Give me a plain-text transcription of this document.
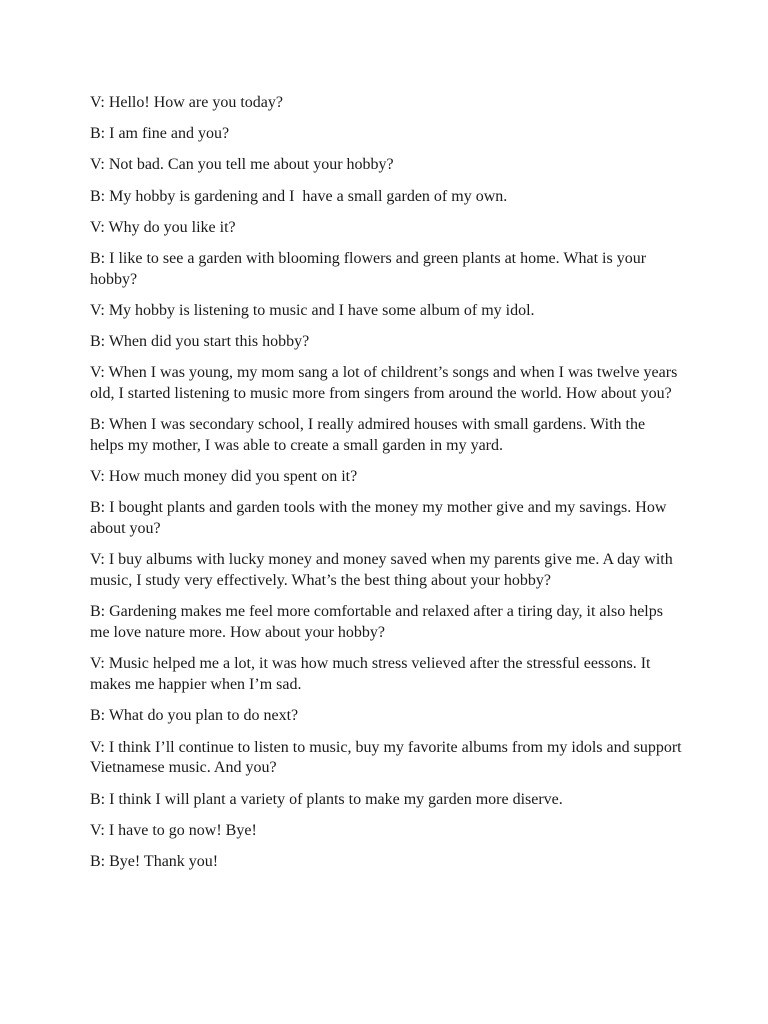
V: Hello! How are you today?

B: I am fine and you?

V: Not bad. Can you tell me about your hobby?

B: My hobby is gardening and I  have a small garden of my own.

V: Why do you like it?

B: I like to see a garden with blooming flowers and green plants at home. What is your hobby?

V: My hobby is listening to music and I have some album of my idol.

B: When did you start this hobby?

V: When I was young, my mom sang a lot of childrent’s songs and when I was twelve years old, I started listening to music more from singers from around the world. How about you?

B: When I was secondary school, I really admired houses with small gardens. With the helps my mother, I was able to create a small garden in my yard.

V: How much money did you spent on it?

B: I bought plants and garden tools with the money my mother give and my savings. How about you?

V: I buy albums with lucky money and money saved when my parents give me. A day with music, I study very effectively. What’s the best thing about your hobby?

B: Gardening makes me feel more comfortable and relaxed after a tiring day, it also helps me love nature more. How about your hobby?

V: Music helped me a lot, it was how much stress velieved after the stressful eessons. It makes me happier when I’m sad.

B: What do you plan to do next?

V: I think I’ll continue to listen to music, buy my favorite albums from my idols and support Vietnamese music. And you?

B: I think I will plant a variety of plants to make my garden more diserve.

V: I have to go now! Bye!

B: Bye! Thank you!
